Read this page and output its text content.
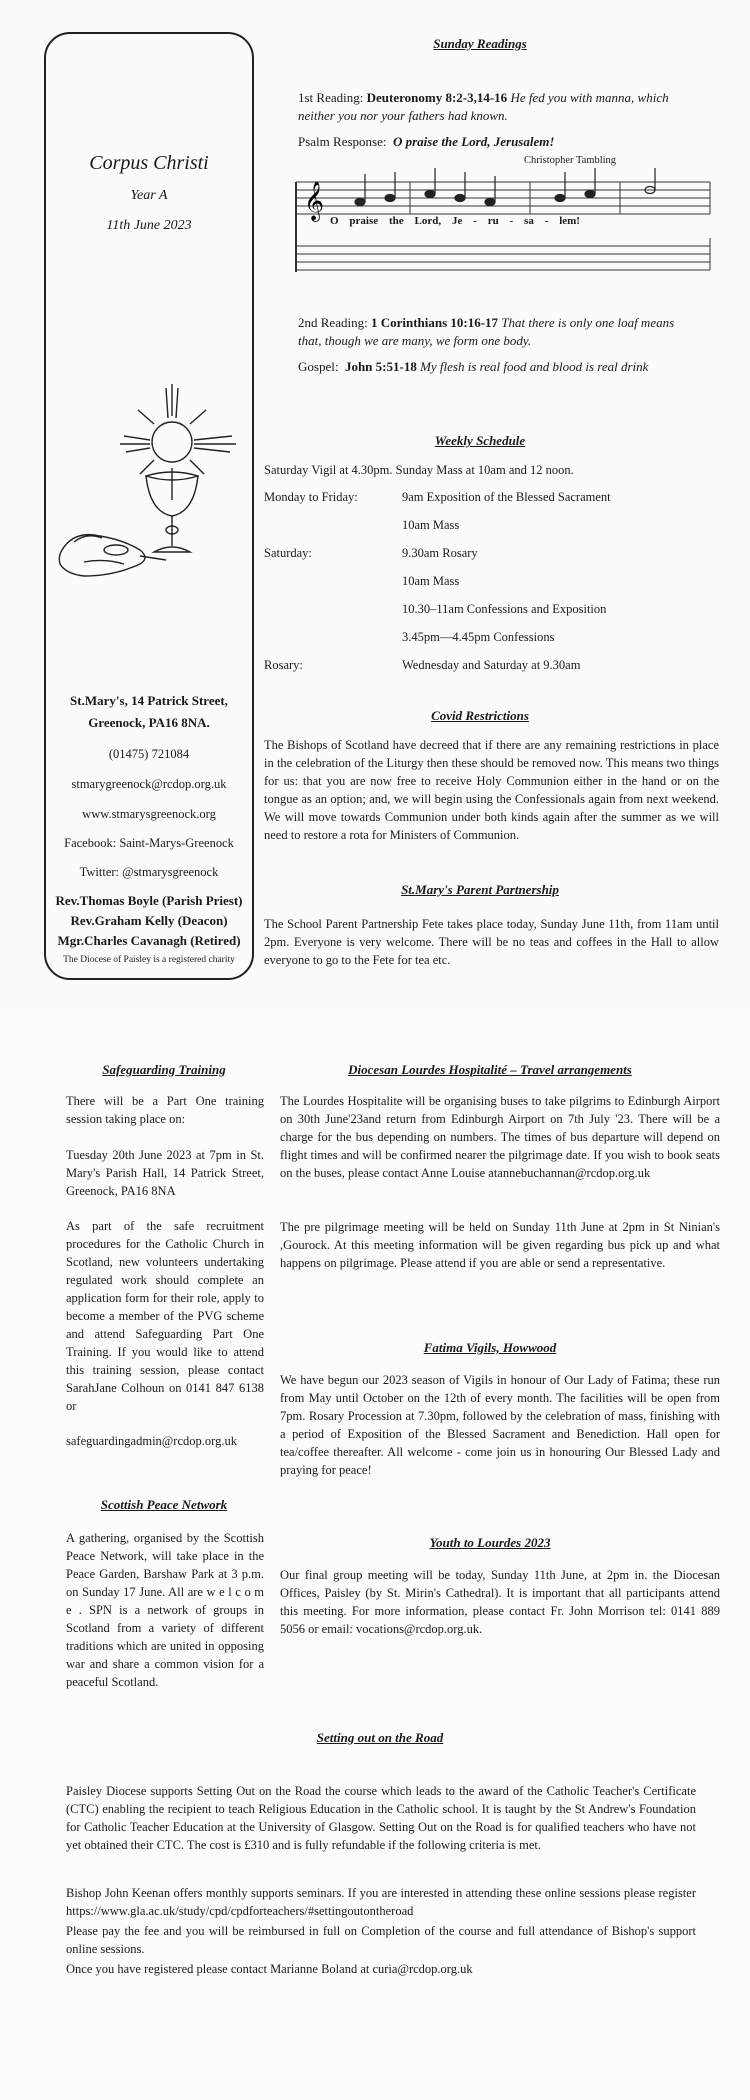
Corpus Christi
Year A
11th June 2023
St.Mary's, 14 Patrick Street,
Greenock, PA16 8NA.
(01475) 721084
stmarygreenock@rcdop.org.uk
www.stmarysgreenock.org
Facebook: Saint-Marys-Greenock
Twitter: @stmarysgreenock
Rev.Thomas Boyle (Parish Priest)
Rev.Graham Kelly (Deacon)
Mgr.Charles Cavanagh (Retired)
The Diocese of Paisley is a registered charity
Sunday Readings
1st Reading: Deuteronomy 8:2-3,14-16 He fed you with manna, which neither you nor your fathers had known.
Psalm Response: O praise the Lord, Jerusalem!
Christopher Tambling
𝄞 O praise the Lord, Je - ru - sa - lem!
2nd Reading: 1 Corinthians 10:16-17 That there is only one loaf means that, though we are many, we form one body.
Gospel: John 5:51-18 My flesh is real food and blood is real drink
Weekly Schedule
Saturday Vigil at 4.30pm. Sunday Mass at 10am and 12 noon.
Monday to Friday:	9am Exposition of the Blessed Sacrament
10am Mass
Saturday:	9.30am Rosary
10am Mass
10.30–11am Confessions and Exposition
3.45pm—4.45pm Confessions
Rosary:	Wednesday and Saturday at 9.30am
Covid Restrictions

The Bishops of Scotland have decreed that if there are any remaining restrictions in place in the celebration of the Liturgy then these should be removed now. This means two things for us: that you are now free to receive Holy Communion either in the hand or on the tongue as an option; and, we will begin using the Confessionals again from next weekend. We will move towards Communion under both kinds again after the summer as we will need to restore a rota for Ministers of Communion.

St.Mary's Parent Partnership

The School Parent Partnership Fete takes place today, Sunday June 11th, from 11am until 2pm. Everyone is very welcome. There will be no teas and coffees in the Hall to allow everyone to go to the Fete for tea etc.

Safeguarding Training

There will be a Part One training session taking place on:

Tuesday 20th June 2023 at 7pm in St. Mary's Parish Hall, 14 Patrick Street, Greenock, PA16 8NA

As part of the safe recruitment procedures for the Catholic Church in Scotland, new volunteers undertaking regulated work should complete an application form for their role, apply to become a member of the PVG scheme and attend Safeguarding Part One Training. If you would like to attend this training session, please contact SarahJane Colhoun on 0141 847 6138 or

safeguardingadmin@rcdop.org.uk

Scottish Peace Network

A gathering, organised by the Scottish Peace Network, will take place in the Peace Garden, Barshaw Park at 3 p.m. on Sunday 17 June. All are w e l c o m e . SPN is a network of groups in Scotland from a variety of different traditions which are united in opposing war and share a common vision for a peaceful Scotland.

Diocesan Lourdes Hospitalité – Travel arrangements

The Lourdes Hospitalite will be organising buses to take pilgrims to Edinburgh Airport on 30th June'23and return from Edinburgh Airport on 7th July '23. There will be a charge for the bus depending on numbers. The times of bus departure will depend on flight times and will be confirmed nearer the pilgrimage date. If you wish to book seats on the buses, please contact Anne Louise atannebuchannan@rcdop.org.uk

The pre pilgrimage meeting will be held on Sunday 11th June at 2pm in St Ninian's ,Gourock. At this meeting information will be given regarding bus pick up and what happens on pilgrimage. Please attend if you are able or send a representative.

Fatima Vigils, Howwood

We have begun our 2023 season of Vigils in honour of Our Lady of Fatima; these run from May until October on the 12th of every month. The facilities will be open from 7pm. Rosary Procession at 7.30pm, followed by the celebration of mass, finishing with a period of Exposition of the Blessed Sacrament and Benediction. Hall open for tea/coffee thereafter. All welcome - come join us in honouring Our Blessed Lady and praying for peace!

Youth to Lourdes 2023

Our final group meeting will be today, Sunday 11th June, at 2pm in. the Diocesan Offices, Paisley (by St. Mirin's Cathedral). It is important that all participants attend this meeting. For more information, please contact Fr. John Morrison tel: 0141 889 5056 or email: vocations@rcdop.org.uk.

Setting out on the Road

Paisley Diocese supports Setting Out on the Road the course which leads to the award of the Catholic Teacher's Certificate (CTC) enabling the recipient to teach Religious Education in the Catholic school. It is taught by the St Andrew's Foundation for Catholic Teacher Education at the University of Glasgow. Setting Out on the Road is for qualified teachers who have not yet obtained their CTC. The cost is £310 and is fully refundable if the following criteria is met.

Bishop John Keenan offers monthly supports seminars. If you are interested in attending these online sessions please register https://www.gla.ac.uk/study/cpd/cpdforteachers/#settingoutontheroad

Please pay the fee and you will be reimbursed in full on Completion of the course and full attendance of Bishop's support online sessions.

Once you have registered please contact Marianne Boland at curia@rcdop.org.uk
